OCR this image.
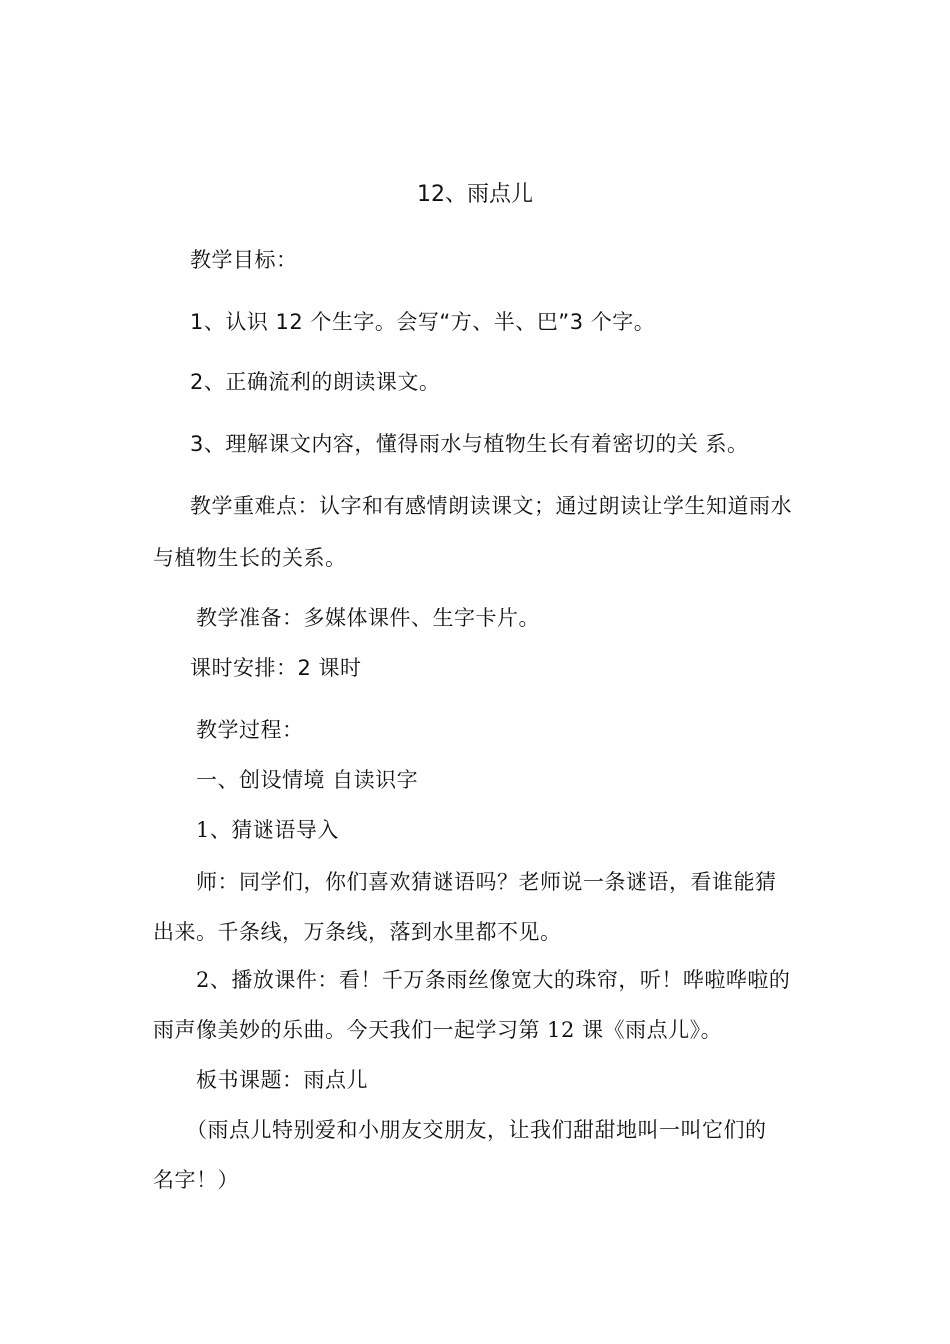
12、雨点儿
教学目标：
1、认识 12 个生字。会写“方、半、巴”3 个字。
2、正确流利的朗读课文。
3、理解课文内容，懂得雨水与植物生长有着密切的关 系。
教学重难点：认字和有感情朗读课文；通过朗读让学生知道雨水
与植物生长的关系。
教学准备：多媒体课件、生字卡片。
课时安排：2 课时
教学过程：
一、创设情境 自读识字
1、猜谜语导入
师：同学们，你们喜欢猜谜语吗？老师说一条谜语，看谁能猜
出来。千条线，万条线，落到水里都不见。
2、播放课件：看！千万条雨丝像宽大的珠帘，听！哗啦哗啦的
雨声像美妙的乐曲。今天我们一起学习第 12 课《雨点儿》。
板书课题：雨点儿
（雨点儿特别爱和小朋友交朋友，让我们甜甜地叫一叫它们的
名字！）
